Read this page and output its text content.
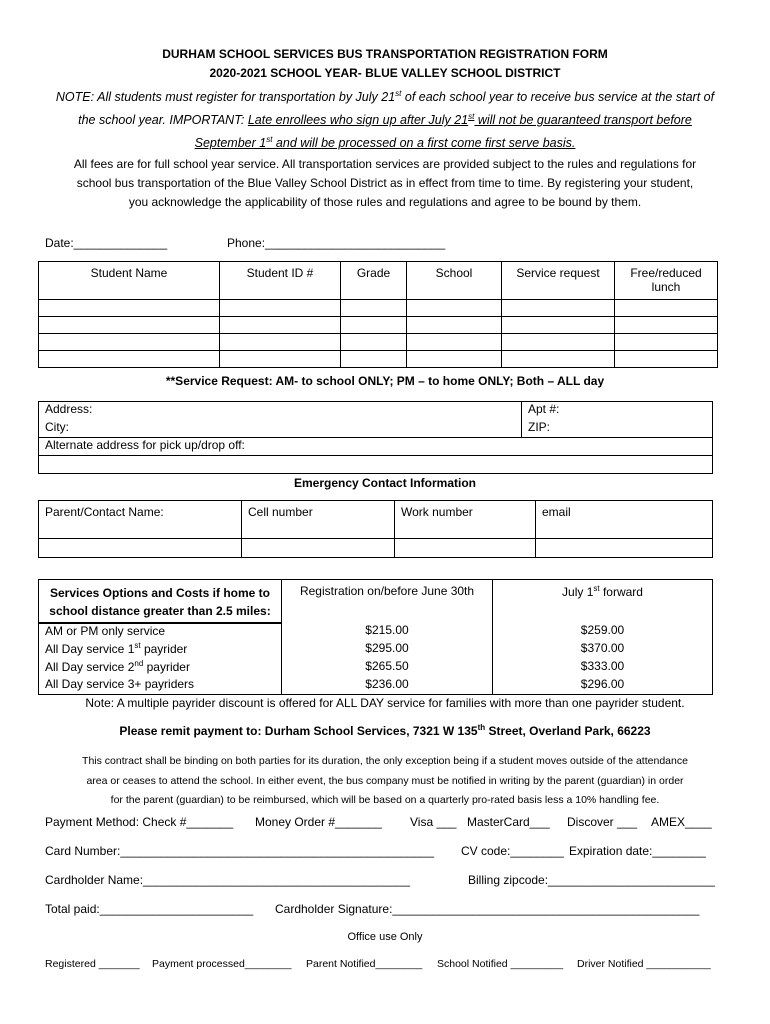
DURHAM SCHOOL SERVICES BUS TRANSPORTATION REGISTRATION FORM
2020-2021 SCHOOL YEAR- BLUE VALLEY SCHOOL DISTRICT
NOTE: All students must register for transportation by July 21st of each school year to receive bus service at the start of
the school year. IMPORTANT: Late enrollees who sign up after July 21st will not be guaranteed transport before
September 1st and will be processed on a first come first serve basis.
All fees are for full school year service. All transportation services are provided subject to the rules and regulations for
school bus transportation of the Blue Valley School District as in effect from time to time. By registering your student,
you acknowledge the applicability of those rules and regulations and agree to be bound by them.
Date:______________	Phone:___________________________
Student Name	Student ID #	Grade	School	Service request	Free/reduced lunch

**Service Request: AM- to school ONLY; PM – to home ONLY; Both – ALL day
Address:	Apt #:
City:	ZIP:
Alternate address for pick up/drop off:	

Emergency Contact Information
Parent/Contact Name:	Cell number	Work number	email

Services Options and Costs if home to school distance greater than 2.5 miles:	Registration on/before June 30th	July 1st forward
AM or PM only service	$215.00	$259.00
All Day service 1st payrider	$295.00	$370.00
All Day service 2nd payrider	$265.50	$333.00
All Day service 3+ payriders	$236.00	$296.00
Note: A multiple payrider discount is offered for ALL DAY service for families with more than one payrider student.
Please remit payment to: Durham School Services, 7321 W 135th Street, Overland Park, 66223
This contract shall be binding on both parties for its duration, the only exception being if a student moves outside of the attendance
area or ceases to attend the school. In either event, the bus company must be notified in writing by the parent (guardian) in order
for the parent (guardian) to be reimbursed, which will be based on a quarterly pro-rated basis less a 10% handling fee.
Payment Method: Check #_______ Money Order #_______ Visa ___ MasterCard___ Discover ___ AMEX____
Card Number:_______________________________________________ CV code:________ Expiration date:________
Cardholder Name:________________________________________	Billing zipcode:_________________________
Total paid:_______________________ Cardholder Signature:______________________________________________
Office use Only
Registered _______ Payment processed________ Parent Notified________ School Notified _________ Driver Notified ___________
